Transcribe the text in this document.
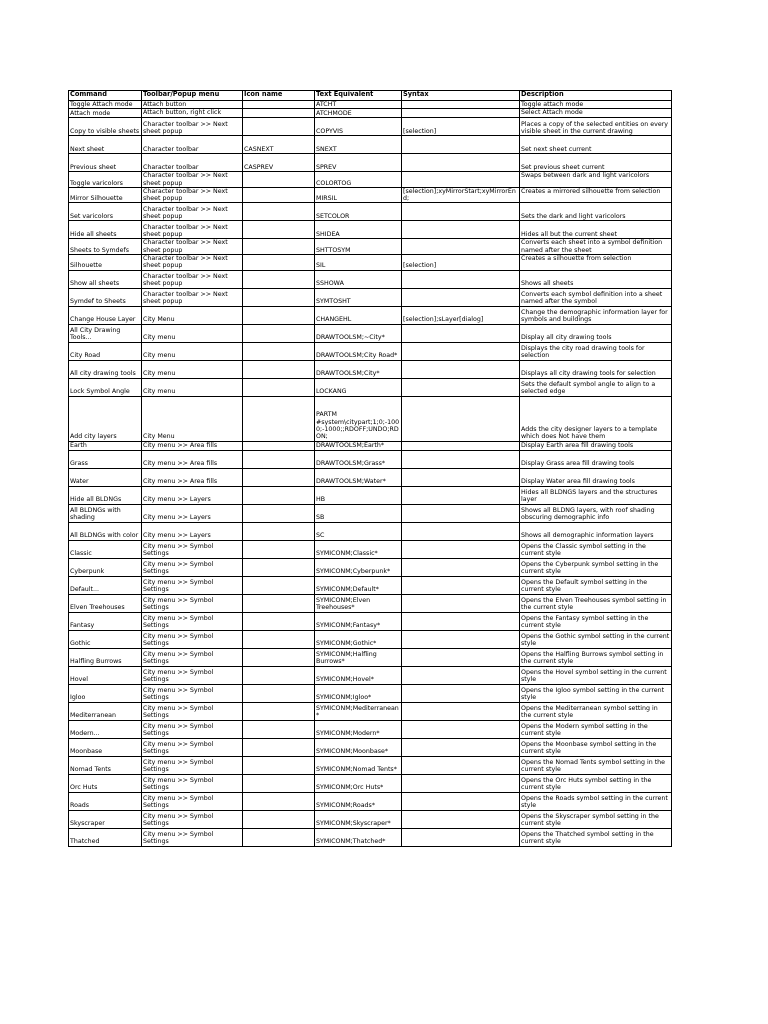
Command	Toolbar/Popup menu	Icon name	Text Equivalent	Syntax	Description
Toggle Attach mode	Attach button		ATCHT		Toggle attach mode
Attach mode	Attach button, right click		ATCHMODE		Select Attach mode
Copy to visible sheets	Character toolbar >> Next sheet popup		COPYVIS	[selection]	Places a copy of the selected entities on every visible sheet in the current drawing
Next sheet	Character toolbar	CASNEXT	SNEXT		Set next sheet current
Previous sheet	Character toolbar	CASPREV	SPREV		Set previous sheet current
Toggle varicolors	Character toolbar >> Next sheet popup		COLORTOG		Swaps between dark and light varicolors
Mirror Silhouette	Character toolbar >> Next sheet popup		MIRSIL	[selection];xyMirrorStart;xyMirrorEnd;	Creates a mirrored silhouette from selection
Set varicolors	Character toolbar >> Next sheet popup		SETCOLOR		Sets the dark and light varicolors
Hide all sheets	Character toolbar >> Next sheet popup		SHIDEA		Hides all but the current sheet
Sheets to Symdefs	Character toolbar >> Next sheet popup		SHTTOSYM		Converts each sheet into a symbol definition named after the sheet
Silhouette	Character toolbar >> Next sheet popup		SIL	[selection]	Creates a silhouette from selection
Show all sheets	Character toolbar >> Next sheet popup		SSHOWA		Shows all sheets
Symdef to Sheets	Character toolbar >> Next sheet popup		SYMTOSHT		Converts each symbol definition into a sheet named after the symbol
Change House Layer	City Menu		CHANGEHL	[selection];sLayer[dialog]	Change the demographic information layer for symbols and buildings
All City Drawing Tools...	City menu		DRAWTOOLSM;~City*		Display all city drawing tools
City Road	City menu		DRAWTOOLSM;City Road*		Displays the city road drawing tools for selection
All city drawing tools	City menu		DRAWTOOLSM;City*		Displays all city drawing tools for selection
Lock Symbol Angle	City menu		LOCKANG		Sets the default symbol angle to align to a selected edge
Add city layers	City Menu		PARTM #system\citypart;1;0;-1000;-1000;;RDOFF;UNDO;RDON;		Adds the city designer layers to a template which does Not have them
Earth	City menu >> Area fills		DRAWTOOLSM;Earth*		Display Earth area fill drawing tools
Grass	City menu >> Area fills		DRAWTOOLSM;Grass*		Display Grass area fill drawing tools
Water	City menu >> Area fills		DRAWTOOLSM;Water*		Display Water area fill drawing tools
Hide all BLDNGs	City menu >> Layers		HB		Hides all BLDNGS layers and the structures layer
All BLDNGs with shading	City menu >> Layers		SB		Shows all BLDNG layers, with roof shading obscuring demographic info
All BLDNGs with color	City menu >> Layers		SC		Shows all demographic information layers
Classic	City menu >> Symbol Settings		SYMICONM;Classic*		Opens the Classic symbol setting in the current style
Cyberpunk	City menu >> Symbol Settings		SYMICONM;Cyberpunk*		Opens the Cyberpunk symbol setting in the current style
Default...	City menu >> Symbol Settings		SYMICONM;Default*		Opens the Default symbol setting in the current style
Elven Treehouses	City menu >> Symbol Settings		SYMICONM;Elven Treehouses*		Opens the Elven Treehouses symbol setting in the current style
Fantasy	City menu >> Symbol Settings		SYMICONM;Fantasy*		Opens the Fantasy symbol setting in the current style
Gothic	City menu >> Symbol Settings		SYMICONM;Gothic*		Opens the Gothic symbol setting in the current style
Halfling Burrows	City menu >> Symbol Settings		SYMICONM;Halfling Burrows*		Opens the Halfling Burrows symbol setting in the current style
Hovel	City menu >> Symbol Settings		SYMICONM;Hovel*		Opens the Hovel symbol setting in the current style
Igloo	City menu >> Symbol Settings		SYMICONM;Igloo*		Opens the Igloo symbol setting in the current style
Mediterranean	City menu >> Symbol Settings		SYMICONM;Mediterranean*		Opens the Mediterranean symbol setting in the current style
Modern...	City menu >> Symbol Settings		SYMICONM;Modern*		Opens the Modern symbol setting in the current style
Moonbase	City menu >> Symbol Settings		SYMICONM;Moonbase*		Opens the Moonbase symbol setting in the current style
Nomad Tents	City menu >> Symbol Settings		SYMICONM;Nomad Tents*		Opens the Nomad Tents symbol setting in the current style
Orc Huts	City menu >> Symbol Settings		SYMICONM;Orc Huts*		Opens the Orc Huts symbol setting in the current style
Roads	City menu >> Symbol Settings		SYMICONM;Roads*		Opens the Roads symbol setting in the current style
Skyscraper	City menu >> Symbol Settings		SYMICONM;Skyscraper*		Opens the Skyscraper symbol setting in the current style
Thatched	City menu >> Symbol Settings		SYMICONM;Thatched*		Opens the Thatched symbol setting in the current style
